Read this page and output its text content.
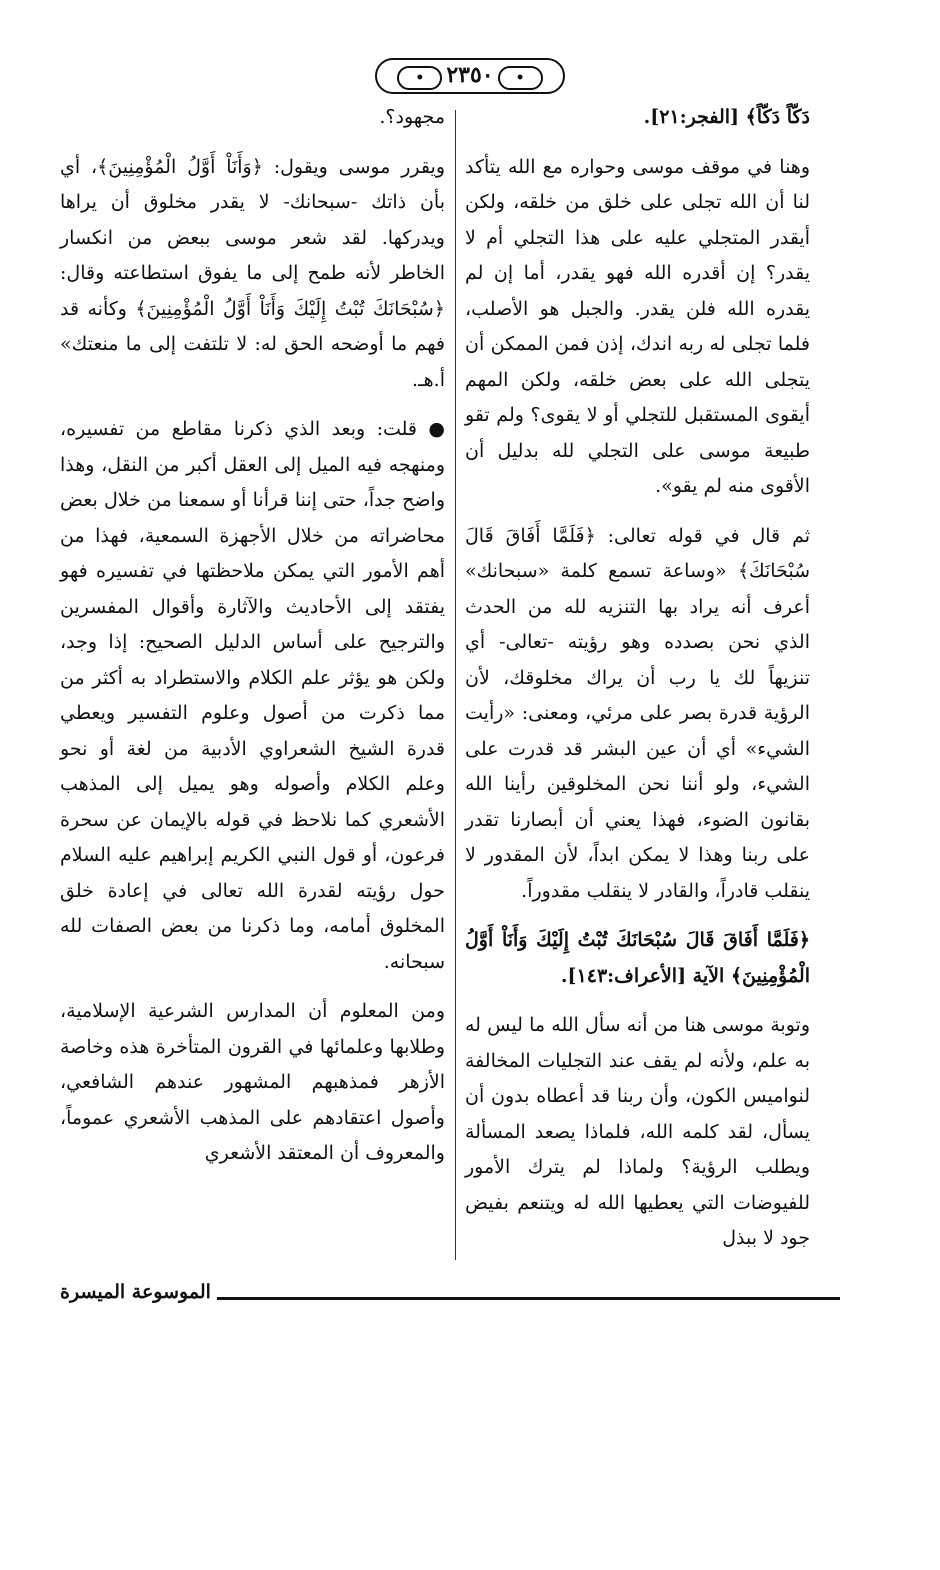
•٢٣٥٠•

دَكّاً دَكّاً﴾ [الفجر:٢١].

وهنا في موقف موسى وحواره مع الله يتأكد لنا أن الله تجلى على خلق من خلقه، ولكن أيقدر المتجلي عليه على هذا التجلي أم لا يقدر؟ إن أقدره الله فهو يقدر، أما إن لم يقدره الله فلن يقدر. والجبل هو الأصلب، فلما تجلى له ربه اندك، إذن فمن الممكن أن يتجلى الله على بعض خلقه، ولكن المهم أيقوى المستقبل للتجلي أو لا يقوى؟ ولم تقو طبيعة موسى على التجلي لله بدليل أن الأقوى منه لم يقو».

ثم قال في قوله تعالى: ﴿فَلَمَّا أَفَاقَ قَالَ سُبْحَانَكَ﴾ «وساعة تسمع كلمة «سبحانك» أعرف أنه يراد بها التنزيه لله من الحدث الذي نحن بصدده وهو رؤيته -تعالى- أي تنزيهاً لك يا رب أن يراك مخلوقك، لأن الرؤية قدرة بصر على مرئي، ومعنى: «رأيت الشيء» أي أن عين البشر قد قدرت على الشيء، ولو أننا نحن المخلوقين رأينا الله بقانون الضوء، فهذا يعني أن أبصارنا تقدر على ربنا وهذا لا يمكن ابداً، لأن المقدور لا ينقلب قادراً، والقادر لا ينقلب مقدوراً.

﴿فَلَمَّا أَفَاقَ قَالَ سُبْحَانَكَ تُبْتُ إِلَيْكَ وَأَنَاْ أَوَّلُ الْمُؤْمِنِينَ﴾ الآية [الأعراف:١٤٣].

وتوبة موسى هنا من أنه سأل الله ما ليس له به علم، ولأنه لم يقف عند التجليات المخالفة لنواميس الكون، وأن ربنا قد أعطاه بدون أن يسأل، لقد كلمه الله، فلماذا يصعد المسألة ويطلب الرؤية؟ ولماذا لم يترك الأمور للفيوضات التي يعطيها الله له ويتنعم بفيض جود لا ببذل

مجهود؟.

ويقرر موسى ويقول: ﴿وَأَنَاْ أَوَّلُ الْمُؤْمِنِينَ﴾، أي بأن ذاتك -سبحانك- لا يقدر مخلوق أن يراها ويدركها. لقد شعر موسى ببعض من انكسار الخاطر لأنه طمح إلى ما يفوق استطاعته وقال: ﴿سُبْحَانَكَ تُبْتُ إِلَيْكَ وَأَنَاْ أَوَّلُ الْمُؤْمِنِينَ﴾ وكأنه قد فهم ما أوضحه الحق له: لا تلتفت إلى ما منعتك» أ.هـ.

● قلت: وبعد الذي ذكرنا مقاطع من تفسيره، ومنهجه فيه الميل إلى العقل أكبر من النقل، وهذا واضح جداً، حتى إننا قرأنا أو سمعنا من خلال بعض محاضراته من خلال الأجهزة السمعية، فهذا من أهم الأمور التي يمكن ملاحظتها في تفسيره فهو يفتقد إلى الأحاديث والآثارة وأقوال المفسرين والترجيح على أساس الدليل الصحيح: إذا وجد، ولكن هو يؤثر علم الكلام والاستطراد به أكثر من مما ذكرت من أصول وعلوم التفسير ويعطي قدرة الشيخ الشعراوي الأدبية من لغة أو نحو وعلم الكلام وأصوله وهو يميل إلى المذهب الأشعري كما نلاحظ في قوله بالإيمان عن سحرة فرعون، أو قول النبي الكريم إبراهيم عليه السلام حول رؤيته لقدرة الله تعالى في إعادة خلق المخلوق أمامه، وما ذكرنا من بعض الصفات لله سبحانه.

ومن المعلوم أن المدارس الشرعية الإسلامية، وطلابها وعلمائها في القرون المتأخرة هذه وخاصة الأزهر فمذهبهم المشهور عندهم الشافعي، وأصول اعتقادهم على المذهب الأشعري عموماً، والمعروف أن المعتقد الأشعري

الموسوعة الميسرة
